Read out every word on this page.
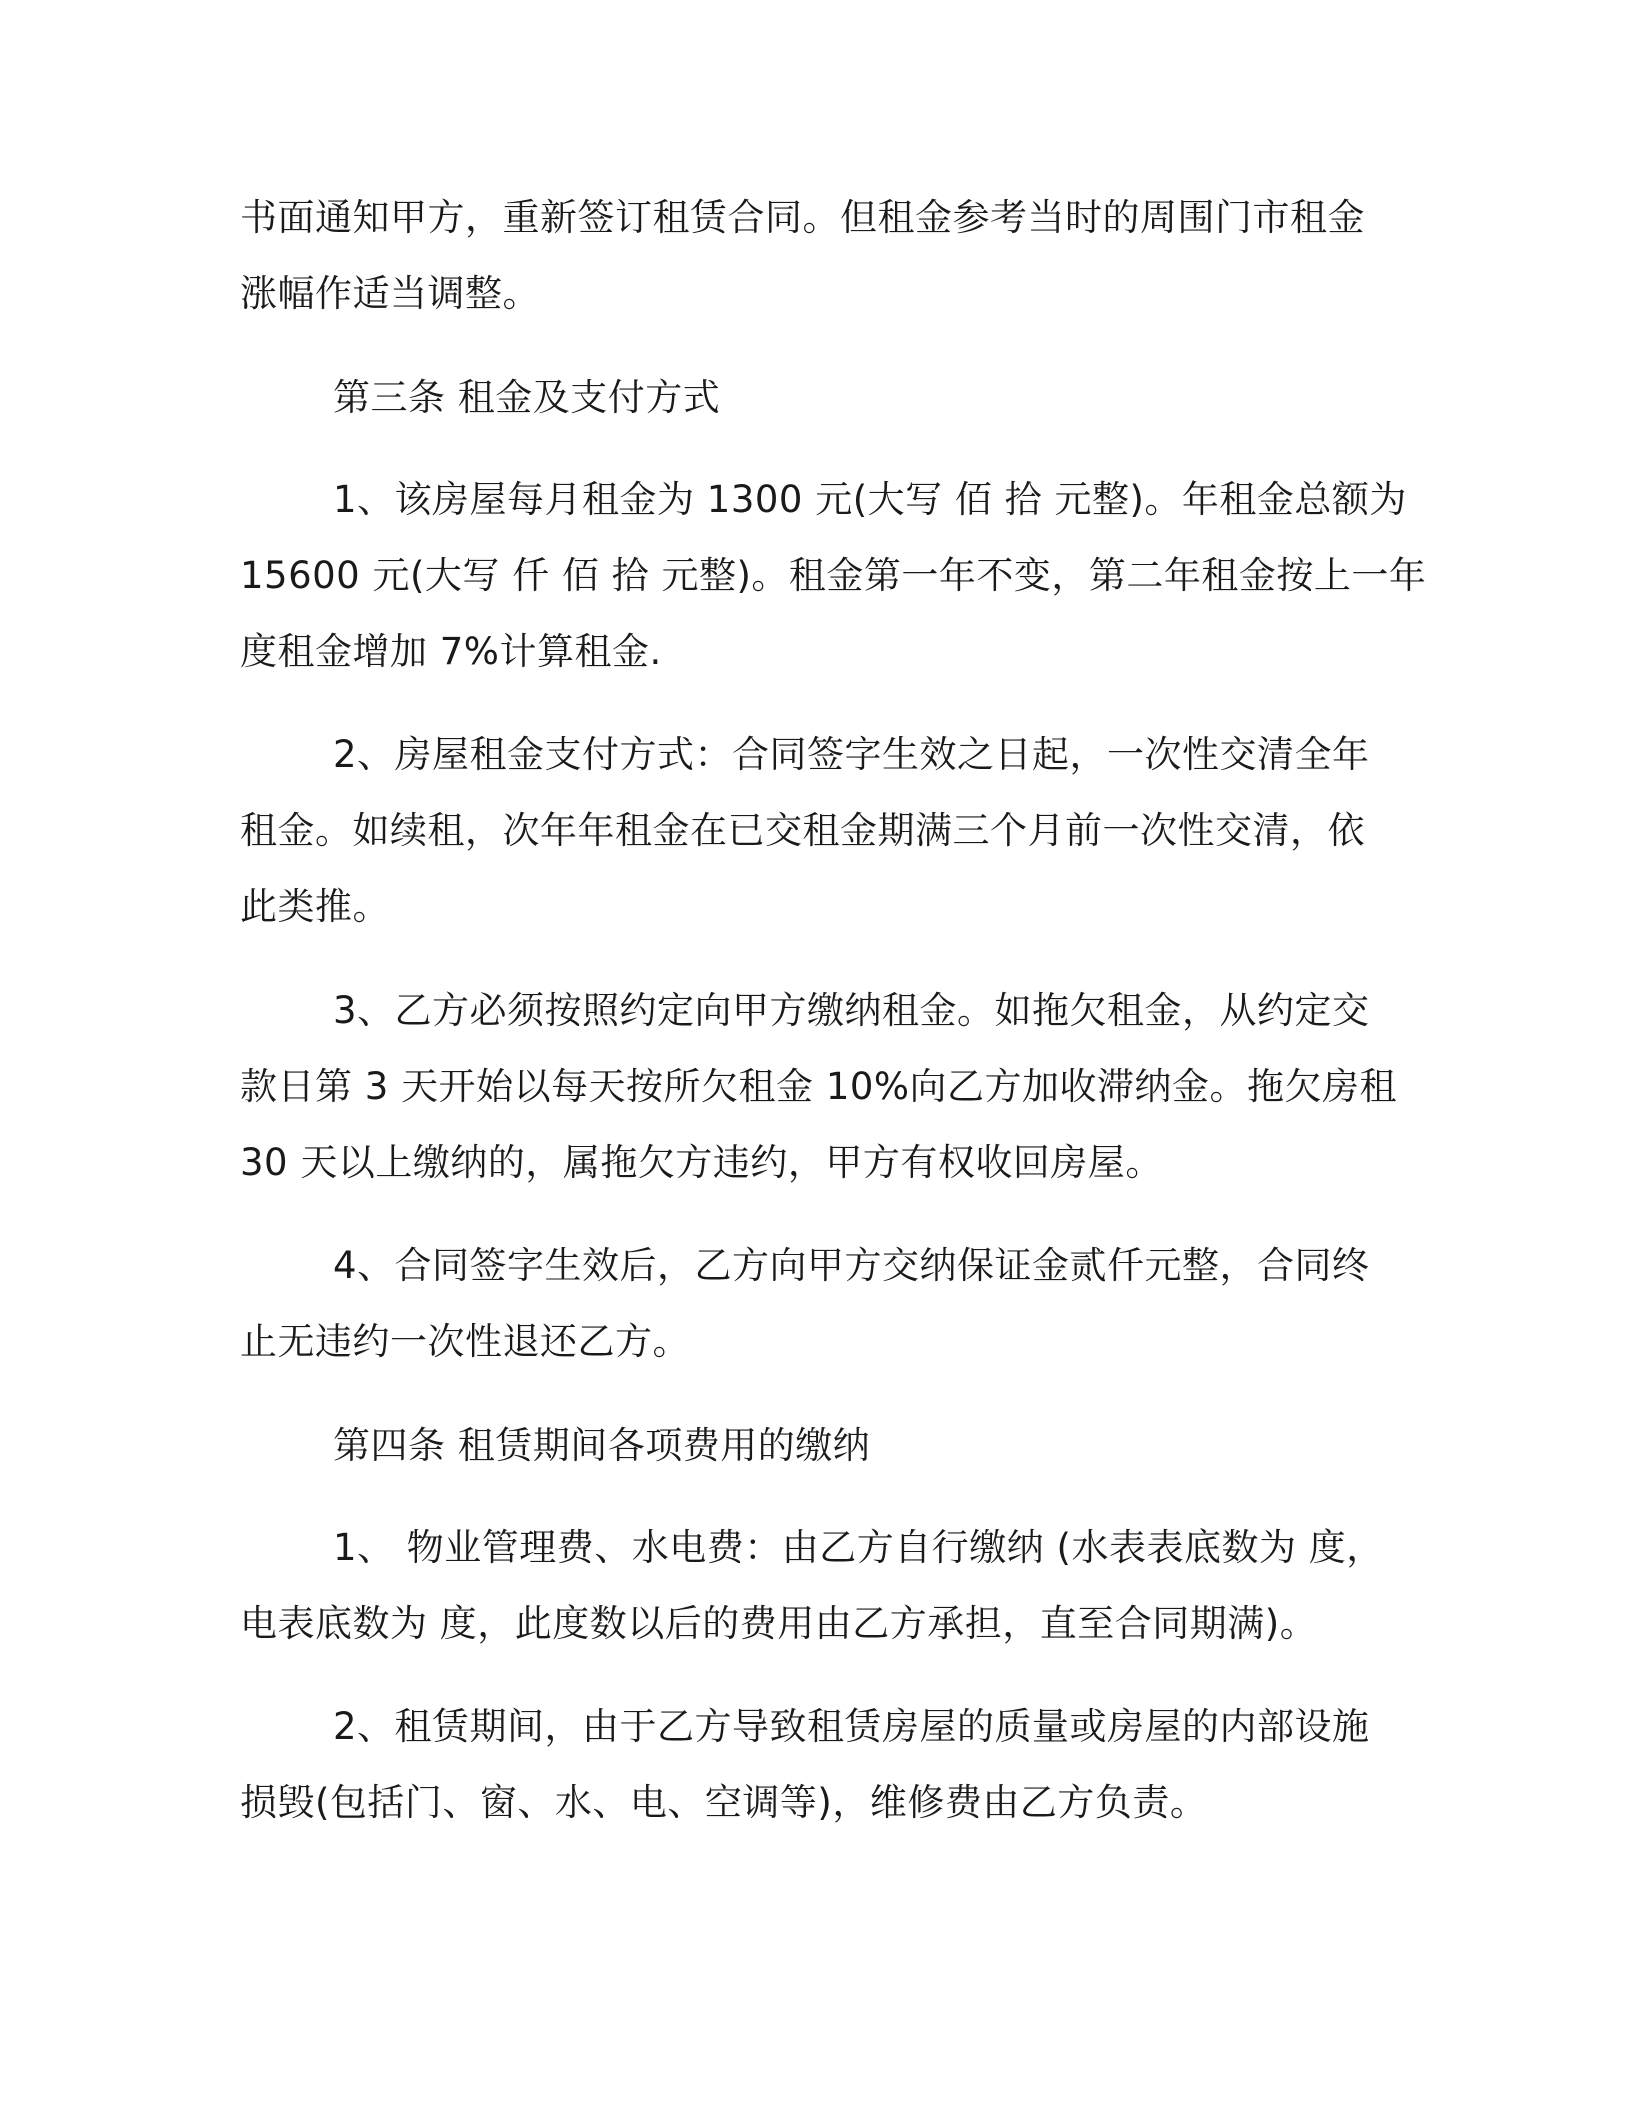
书面通知甲方，重新签订租赁合同。但租金参考当时的周围门市租金
涨幅作适当调整。
第三条 租金及支付方式
1、该房屋每月租金为 1300 元(大写 佰 拾 元整)。年租金总额为
15600 元(大写 仟 佰 拾 元整)。租金第一年不变，第二年租金按上一年
度租金增加 7%计算租金.
2、房屋租金支付方式：合同签字生效之日起，一次性交清全年
租金。如续租，次年年租金在已交租金期满三个月前一次性交清，依
此类推。
3、乙方必须按照约定向甲方缴纳租金。如拖欠租金，从约定交
款日第 3 天开始以每天按所欠租金 10%向乙方加收滞纳金。拖欠房租
30 天以上缴纳的，属拖欠方违约，甲方有权收回房屋。
4、合同签字生效后，乙方向甲方交纳保证金贰仟元整，合同终
止无违约一次性退还乙方。
第四条 租赁期间各项费用的缴纳
1、 物业管理费、水电费：由乙方自行缴纳 (水表表底数为 度，
电表底数为 度，此度数以后的费用由乙方承担，直至合同期满)。
2、租赁期间，由于乙方导致租赁房屋的质量或房屋的内部设施
损毁(包括门、窗、水、电、空调等)，维修费由乙方负责。
